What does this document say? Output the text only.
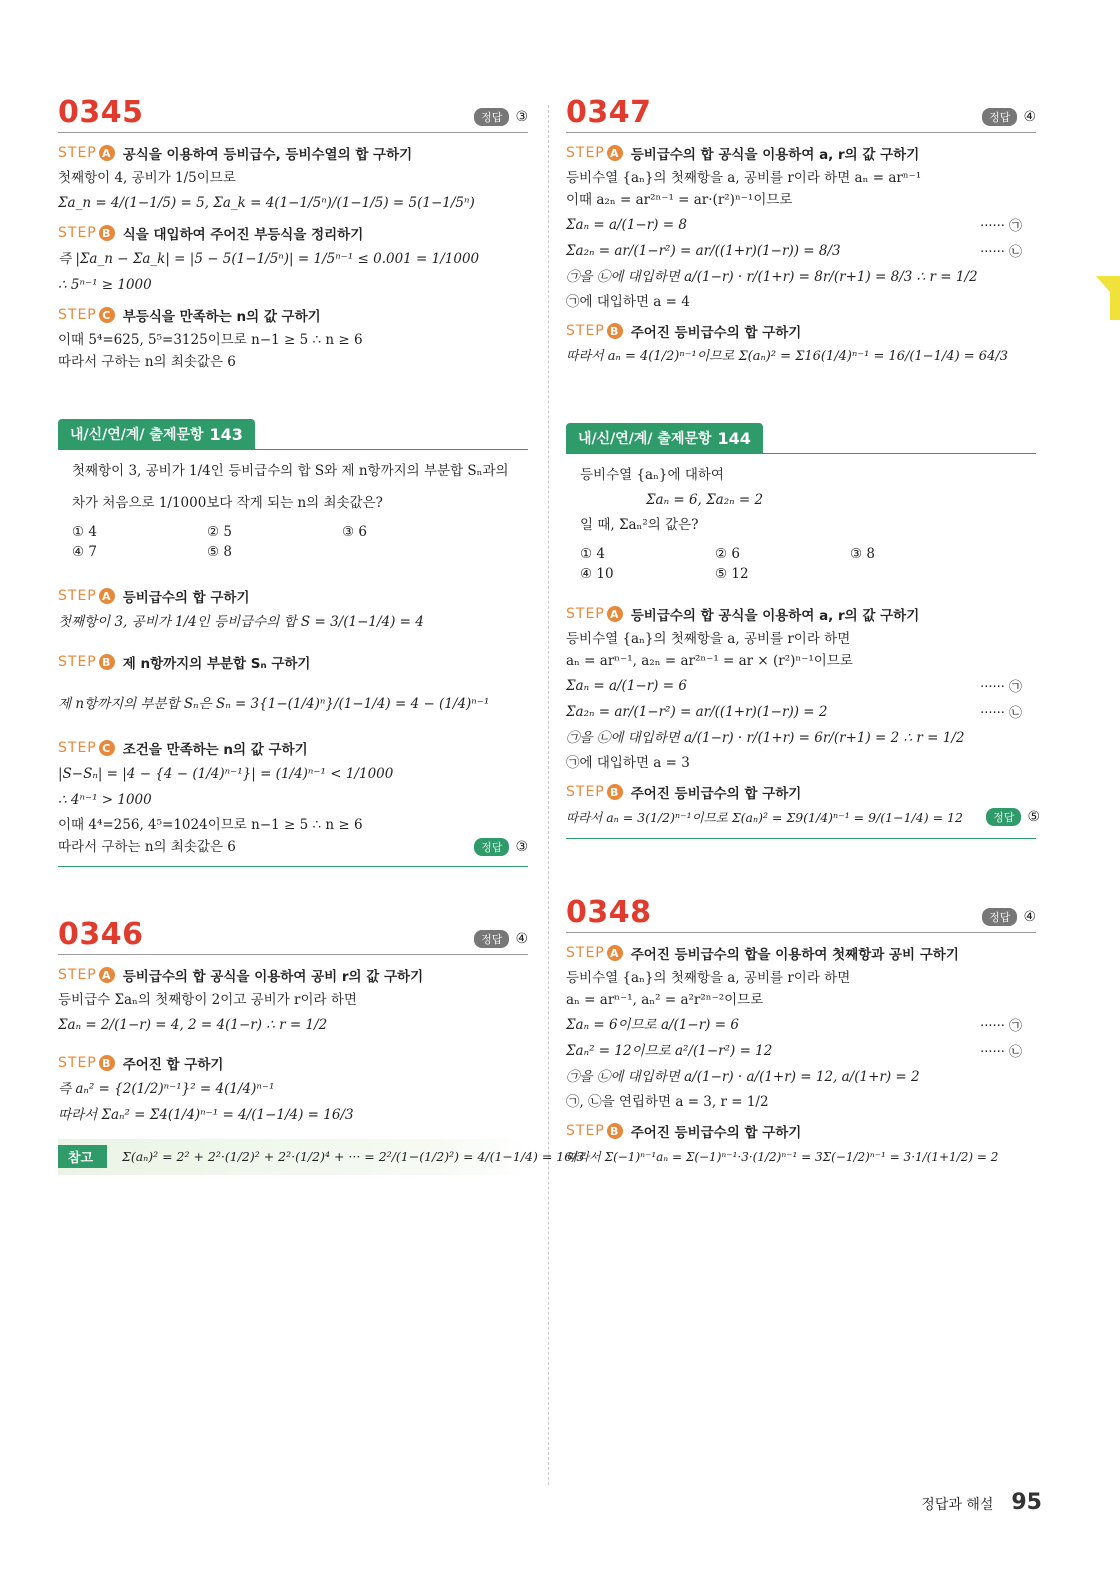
0345	정답 ③
STEP A 공식을 이용하여 등비급수, 등비수열의 합 구하기
첫째항이 4, 공비가 1/5이므로
Σa_n = 4/(1−1/5) = 5, Σa_k = 4(1−1/5ⁿ)/(1−1/5) = 5(1−1/5ⁿ)
STEP B 식을 대입하여 주어진 부등식을 정리하기
즉 |Σa_n − Σa_k| = |5 − 5(1−1/5ⁿ)| = 1/5ⁿ⁻¹ ≤ 0.001 = 1/1000
∴ 5ⁿ⁻¹ ≥ 1000
STEP C 부등식을 만족하는 n의 값 구하기
이때 5⁴=625, 5⁵=3125이므로 n−1 ≥ 5 ∴ n ≥ 6
따라서 구하는 n의 최솟값은 6
내/신/연/계/ 출제문항 143
첫째항이 3, 공비가 1/4인 등비급수의 합 S와 제 n항까지의 부분합 Sₙ과의
차가 처음으로 1/1000보다 작게 되는 n의 최솟값은?
① 4	② 5	③ 6
④ 7	⑤ 8
STEP A 등비급수의 합 구하기
첫째항이 3, 공비가 1/4인 등비급수의 합 S = 3/(1−1/4) = 4
STEP B 제 n항까지의 부분합 Sₙ 구하기
제 n항까지의 부분합 Sₙ은 Sₙ = 3{1−(1/4)ⁿ}/(1−1/4) = 4 − (1/4)ⁿ⁻¹
STEP C 조건을 만족하는 n의 값 구하기
|S−Sₙ| = |4 − {4 − (1/4)ⁿ⁻¹}| = (1/4)ⁿ⁻¹ < 1/1000
∴ 4ⁿ⁻¹ > 1000
이때 4⁴=256, 4⁵=1024이므로 n−1 ≥ 5 ∴ n ≥ 6
따라서 구하는 n의 최솟값은 6	정답 ③
0346	정답 ④
STEP A 등비급수의 합 공식을 이용하여 공비 r의 값 구하기
등비급수 Σaₙ의 첫째항이 2이고 공비가 r이라 하면
Σaₙ = 2/(1−r) = 4, 2 = 4(1−r) ∴ r = 1/2
STEP B 주어진 합 구하기
즉 aₙ² = {2(1/2)ⁿ⁻¹}² = 4(1/4)ⁿ⁻¹
따라서 Σaₙ² = Σ4(1/4)ⁿ⁻¹ = 4/(1−1/4) = 16/3
참고	Σ(aₙ)² = 2² + 2²·(1/2)² + 2²·(1/2)⁴ + ··· = 2²/(1−(1/2)²) = 4/(1−1/4) = 16/3
0347	정답 ④
STEP A 등비급수의 합 공식을 이용하여 a, r의 값 구하기
등비수열 {aₙ}의 첫째항을 a, 공비를 r이라 하면 aₙ = arⁿ⁻¹
이때 a₂ₙ = ar²ⁿ⁻¹ = ar·(r²)ⁿ⁻¹이므로
Σaₙ = a/(1−r) = 8	······ ㉠
Σa₂ₙ = ar/(1−r²) = ar/((1+r)(1−r)) = 8/3	······ ㉡
㉠을 ㉡에 대입하면 a/(1−r) · r/(1+r) = 8r/(r+1) = 8/3 ∴ r = 1/2
㉠에 대입하면 a = 4
STEP B 주어진 등비급수의 합 구하기
따라서 aₙ = 4(1/2)ⁿ⁻¹이므로 Σ(aₙ)² = Σ16(1/4)ⁿ⁻¹ = 16/(1−1/4) = 64/3
내/신/연/계/ 출제문항 144
등비수열 {aₙ}에 대하여
Σaₙ = 6, Σa₂ₙ = 2
일 때, Σaₙ²의 값은?
① 4	② 6	③ 8
④ 10	⑤ 12
STEP A 등비급수의 합 공식을 이용하여 a, r의 값 구하기
등비수열 {aₙ}의 첫째항을 a, 공비를 r이라 하면
aₙ = arⁿ⁻¹, a₂ₙ = ar²ⁿ⁻¹ = ar × (r²)ⁿ⁻¹이므로
Σaₙ = a/(1−r) = 6	······ ㉠
Σa₂ₙ = ar/(1−r²) = ar/((1+r)(1−r)) = 2	······ ㉡
㉠을 ㉡에 대입하면 a/(1−r) · r/(1+r) = 6r/(r+1) = 2 ∴ r = 1/2
㉠에 대입하면 a = 3
STEP B 주어진 등비급수의 합 구하기
따라서 aₙ = 3(1/2)ⁿ⁻¹이므로 Σ(aₙ)² = Σ9(1/4)ⁿ⁻¹ = 9/(1−1/4) = 12	정답 ⑤
0348	정답 ④
STEP A 주어진 등비급수의 합을 이용하여 첫째항과 공비 구하기
등비수열 {aₙ}의 첫째항을 a, 공비를 r이라 하면
aₙ = arⁿ⁻¹, aₙ² = a²r²ⁿ⁻²이므로
Σaₙ = 6이므로 a/(1−r) = 6	······ ㉠
Σaₙ² = 12이므로 a²/(1−r²) = 12	······ ㉡
㉠을 ㉡에 대입하면 a/(1−r) · a/(1+r) = 12, a/(1+r) = 2
㉠, ㉡을 연립하면 a = 3, r = 1/2
STEP B 주어진 등비급수의 합 구하기
따라서 Σ(−1)ⁿ⁻¹aₙ = Σ(−1)ⁿ⁻¹·3·(1/2)ⁿ⁻¹ = 3Σ(−1/2)ⁿ⁻¹ = 3·1/(1+1/2) = 2
정답과 해설 95
